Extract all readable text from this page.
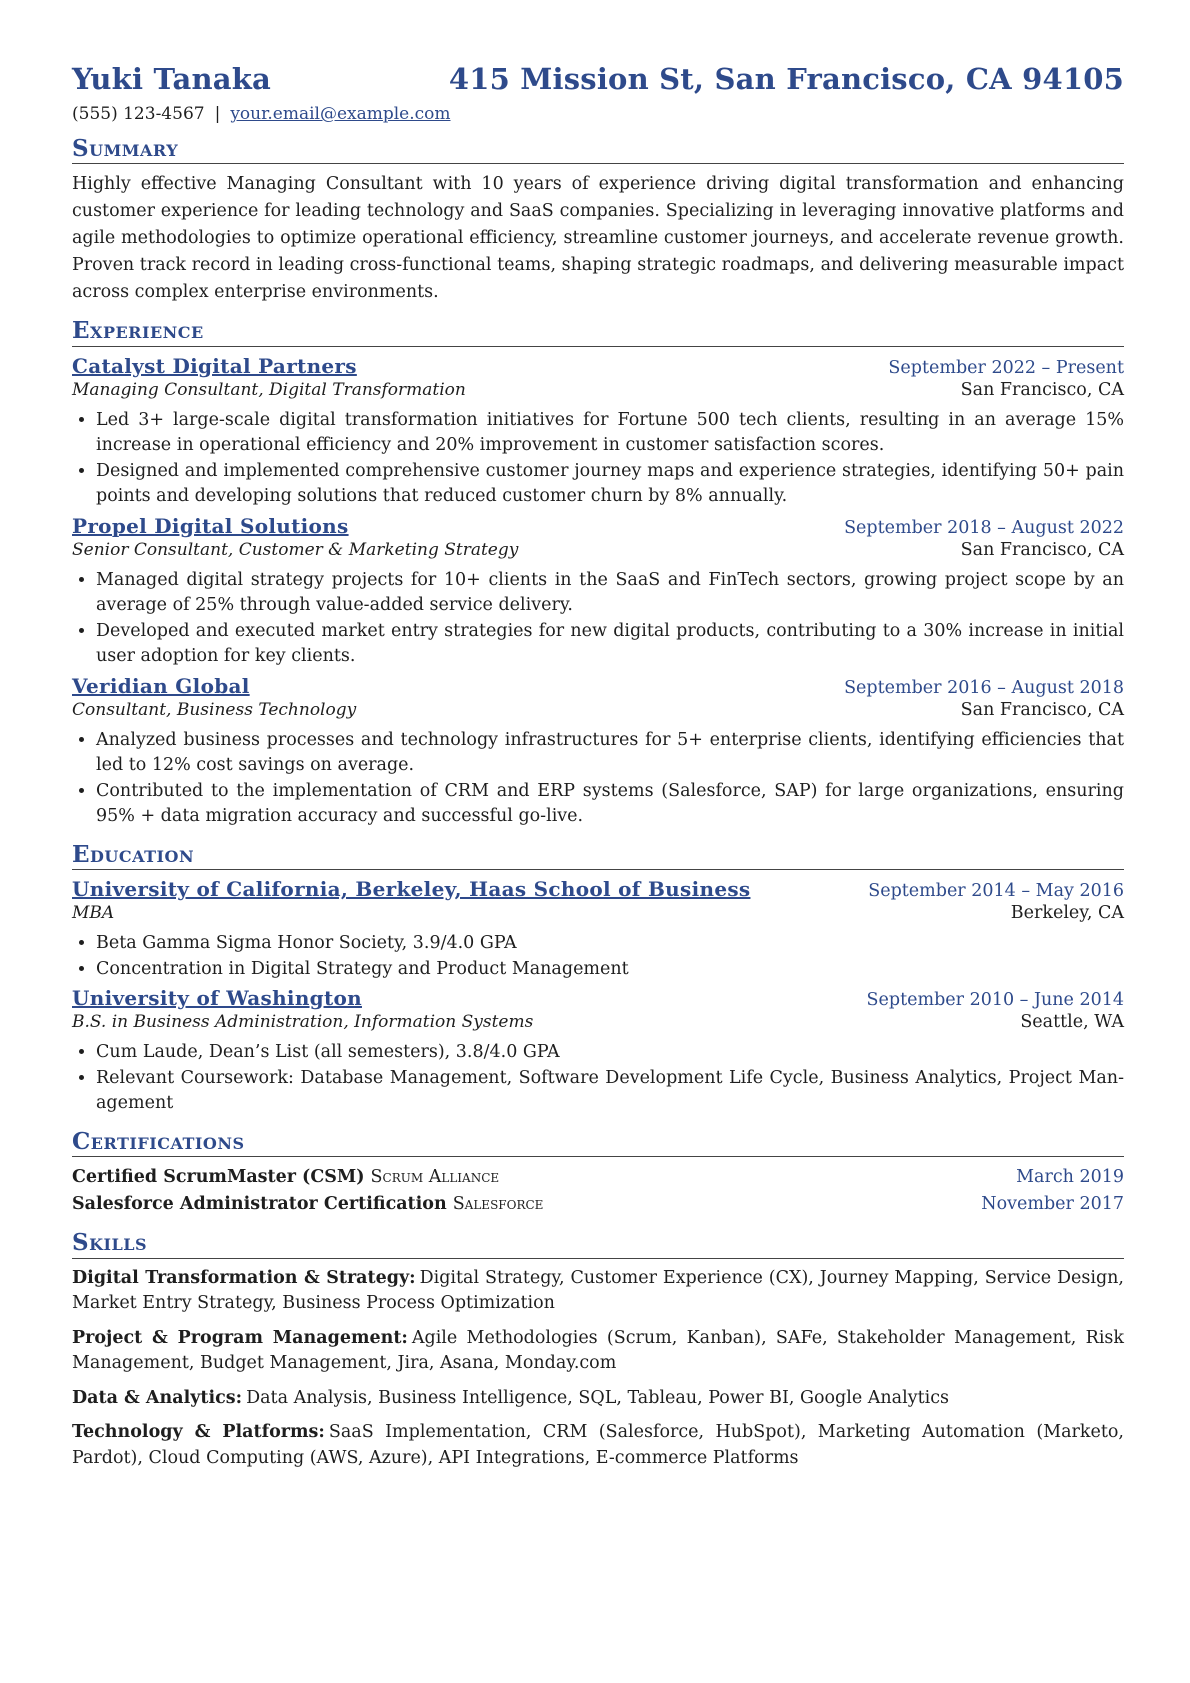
Yuki Tanaka	415 Mission St, San Francisco, CA 94105
(555) 123-4567 | your.email@example.com
Summary

Highly effective Managing Consultant with 10 years of experience driving digital transformation and enhancing customer experience for leading technology and SaaS companies. Specializing in leveraging innovative platforms and agile methodologies to optimize operational efficiency, streamline customer journeys, and accelerate revenue growth. Proven track record in leading cross-functional teams, shaping strategic roadmaps, and delivering measurable impact across complex enterprise environments.

Experience
Catalyst Digital Partners	September 2022 – Present
Managing Consultant, Digital Transformation	San Francisco, CA
• Led 3+ large-scale digital transformation initiatives for Fortune 500 tech clients, resulting in an average 15% increase in operational efficiency and 20% improvement in customer satisfaction scores.
• Designed and implemented comprehensive customer journey maps and experience strategies, identifying 50+ pain points and developing solutions that reduced customer churn by 8% annually.
Propel Digital Solutions	September 2018 – August 2022
Senior Consultant, Customer & Marketing Strategy	San Francisco, CA
• Managed digital strategy projects for 10+ clients in the SaaS and FinTech sectors, growing project scope by an average of 25% through value-added service delivery.
• Developed and executed market entry strategies for new digital products, contributing to a 30% increase in initial user adoption for key clients.
Veridian Global	September 2016 – August 2018
Consultant, Business Technology	San Francisco, CA
• Analyzed business processes and technology infrastructures for 5+ enterprise clients, identifying efficiencies that led to 12% cost savings on average.
• Contributed to the implementation of CRM and ERP systems (Salesforce, SAP) for large organizations, ensuring 95% + data migration accuracy and successful go-live.
Education
University of California, Berkeley, Haas School of Business	September 2014 – May 2016
MBA	Berkeley, CA
• Beta Gamma Sigma Honor Society, 3.9/4.0 GPA
• Concentration in Digital Strategy and Product Management
University of Washington	September 2010 – June 2014
B.S. in Business Administration, Information Systems	Seattle, WA
• Cum Laude, Dean’s List (all semesters), 3.8/4.0 GPA
• Relevant Coursework: Database Management, Software Development Life Cycle, Business Analytics, Project Management
Certifications
Certified ScrumMaster (CSM) Scrum Alliance	March 2019
Salesforce Administrator Certification Salesforce	November 2017
Skills

Digital Transformation & Strategy: Digital Strategy, Customer Experience (CX), Journey Mapping, Service Design, Market Entry Strategy, Business Process Optimization

Project & Program Management: Agile Methodologies (Scrum, Kanban), SAFe, Stakeholder Management, Risk Management, Budget Management, Jira, Asana, Monday.com

Data & Analytics: Data Analysis, Business Intelligence, SQL, Tableau, Power BI, Google Analytics

Technology & Platforms: SaaS Implementation, CRM (Salesforce, HubSpot), Marketing Automation (Marketo, Pardot), Cloud Computing (AWS, Azure), API Integrations, E-commerce Platforms
